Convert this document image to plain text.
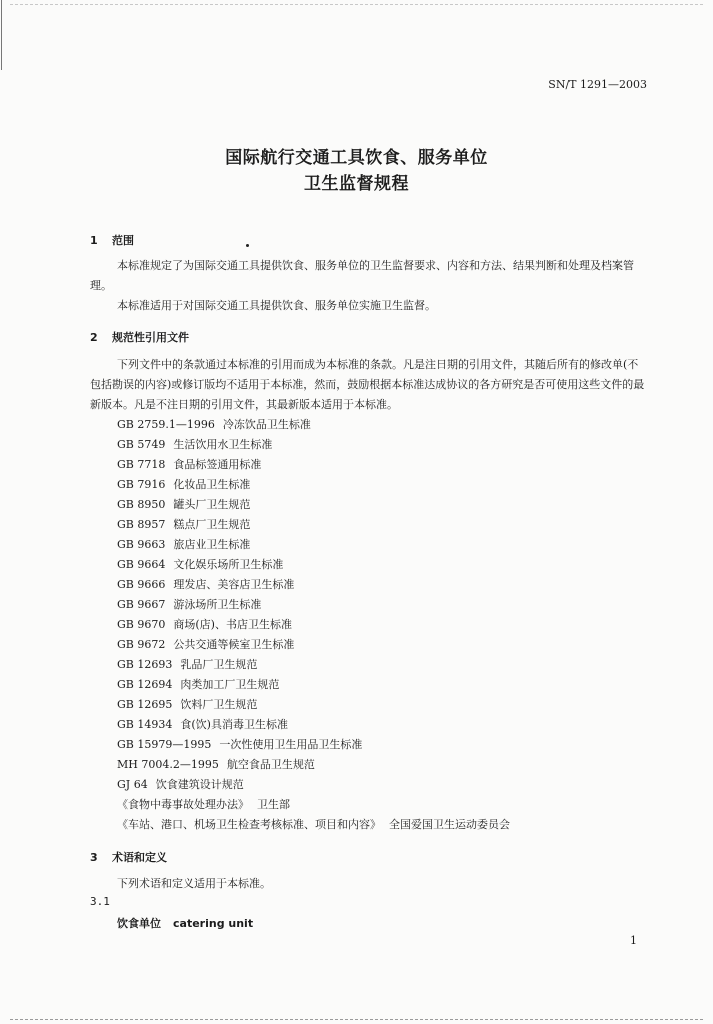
SN/T 1291—2003
国际航行交通工具饮食、服务单位
卫生监督规程
1 范围
本标准规定了为国际交通工具提供饮食、服务单位的卫生监督要求、内容和方法、结果判断和处理及档案管理。
本标准适用于对国际交通工具提供饮食、服务单位实施卫生监督。
2 规范性引用文件
下列文件中的条款通过本标准的引用而成为本标准的条款。凡是注日期的引用文件，其随后所有的修改单(不包括勘误的内容)或修订版均不适用于本标准，然而，鼓励根据本标准达成协议的各方研究是否可使用这些文件的最新版本。凡是不注日期的引用文件，其最新版本适用于本标准。
GB 2759.1—1996 冷冻饮品卫生标准
GB 5749 生活饮用水卫生标准
GB 7718 食品标签通用标准
GB 7916 化妆品卫生标准
GB 8950 罐头厂卫生规范
GB 8957 糕点厂卫生规范
GB 9663 旅店业卫生标准
GB 9664 文化娱乐场所卫生标准
GB 9666 理发店、美容店卫生标准
GB 9667 游泳场所卫生标准
GB 9670 商场(店)、书店卫生标准
GB 9672 公共交通等候室卫生标准
GB 12693 乳品厂卫生规范
GB 12694 肉类加工厂卫生规范
GB 12695 饮料厂卫生规范
GB 14934 食(饮)具消毒卫生标准
GB 15979—1995 一次性使用卫生用品卫生标准
MH 7004.2—1995 航空食品卫生规范
GJ 64 饮食建筑设计规范
《食物中毒事故处理办法》 卫生部
《车站、港口、机场卫生检查考核标准、项目和内容》 全国爱国卫生运动委员会
3 术语和定义
下列术语和定义适用于本标准。
3.1
饮食单位 catering unit
1
